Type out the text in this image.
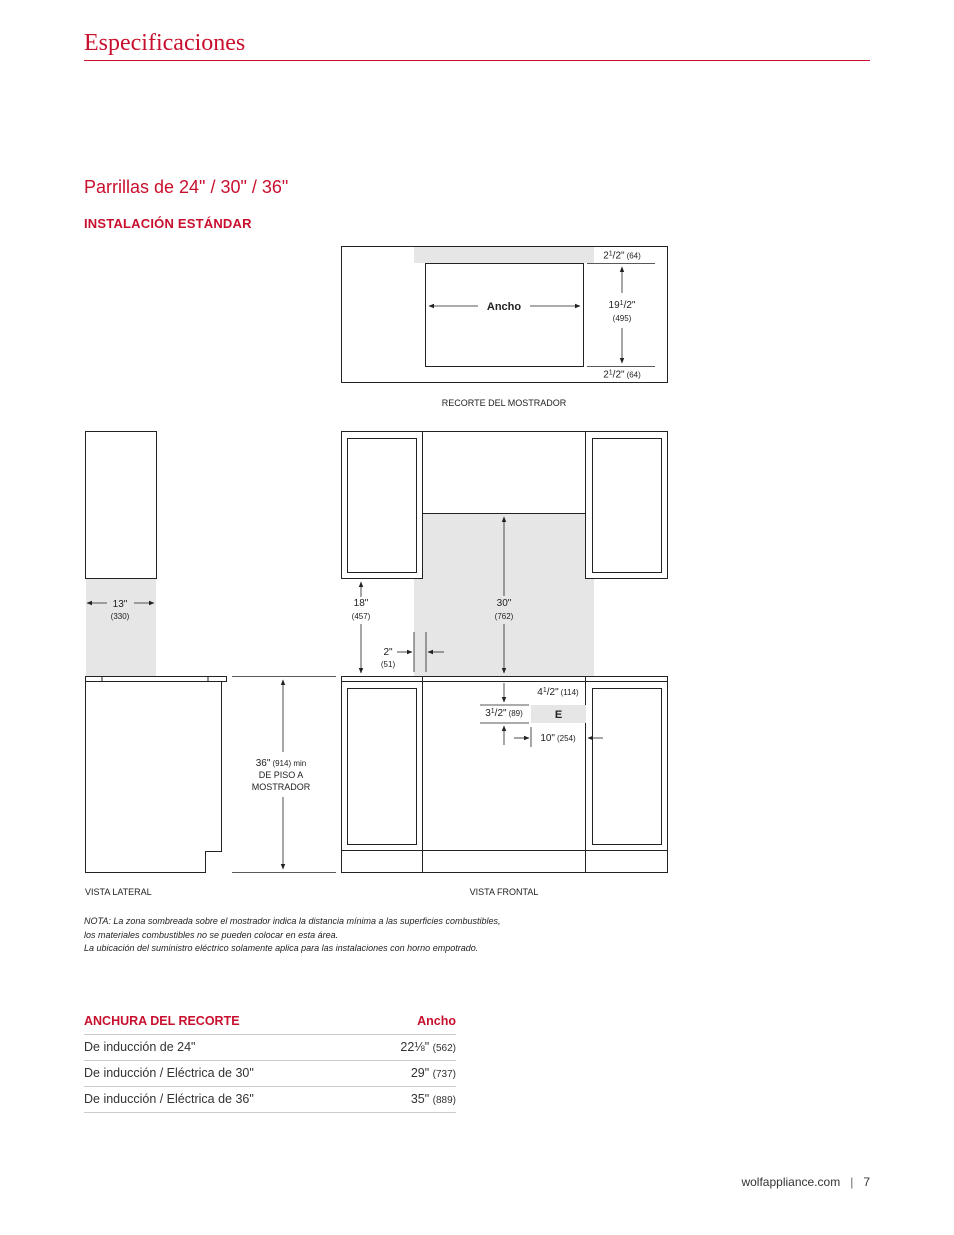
Especificaciones
Parrillas de 24" / 30" / 36"
INSTALACIÓN ESTÁNDAR
Ancho
$2^1/2$" (64)
$19^1/2$"
(495)
$2^1/2$" (64)
RECORTE DEL MOSTRADOR
13"
(330)
36" (914) min
DE PISO A
MOSTRADOR
VISTA LATERAL
18"
(457)
30"
(762)
2"
(51)
E
$4^1/2$" (114)
$3^1/2$" (89)
10" (254)
VISTA FRONTAL
NOTA: La zona sombreada sobre el mostrador indica la distancia mínima a las superficies combustibles,
los materiales combustibles no se pueden colocar en esta área.
La ubicación del suministro eléctrico solamente aplica para las instalaciones con horno empotrado.
ANCHURA DEL RECORTE	Ancho
De inducción de 24"	22⅛" (562)
De inducción / Eléctrica de 30"	29" (737)
De inducción / Eléctrica de 36"	35" (889)
wolfappliance.com | 7
